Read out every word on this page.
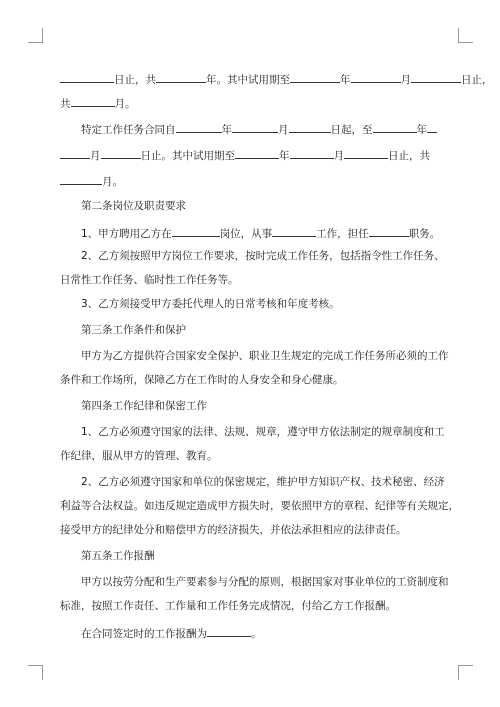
日止，共	年。其中试用期至	年	月	日止，
共	月。
特定工作任务合同自	年	月	日起，至	年
月	日止。其中试用期至	年	月	日止，共
月。
第二条岗位及职责要求
1、甲方聘用乙方在	岗位，从事	工作，担任	职务。
2、乙方须按照甲方岗位工作要求，按时完成工作任务，包括指令性工作任务、
日常性工作任务、临时性工作任务等。
3、乙方须接受甲方委托代理人的日常考核和年度考核。
第三条工作条件和保护
甲方为乙方提供符合国家安全保护、职业卫生规定的完成工作任务所必须的工作
条件和工作场所，保障乙方在工作时的人身安全和身心健康。
第四条工作纪律和保密工作
1、乙方必须遵守国家的法律、法规、规章，遵守甲方依法制定的规章制度和工
作纪律，服从甲方的管理、教育。
2、乙方必须遵守国家和单位的保密规定，维护甲方知识产权、技术秘密、经济
利益等合法权益。如违反规定造成甲方损失时，要依照甲方的章程、纪律等有关规定，
接受甲方的纪律处分和赔偿甲方的经济损失，并依法承担相应的法律责任。
第五条工作报酬
甲方以按劳分配和生产要素参与分配的原则，根据国家对事业单位的工资制度和
标准，按照工作责任、工作量和工作任务完成情况，付给乙方工作报酬。
在合同签定时的工作报酬为	。
